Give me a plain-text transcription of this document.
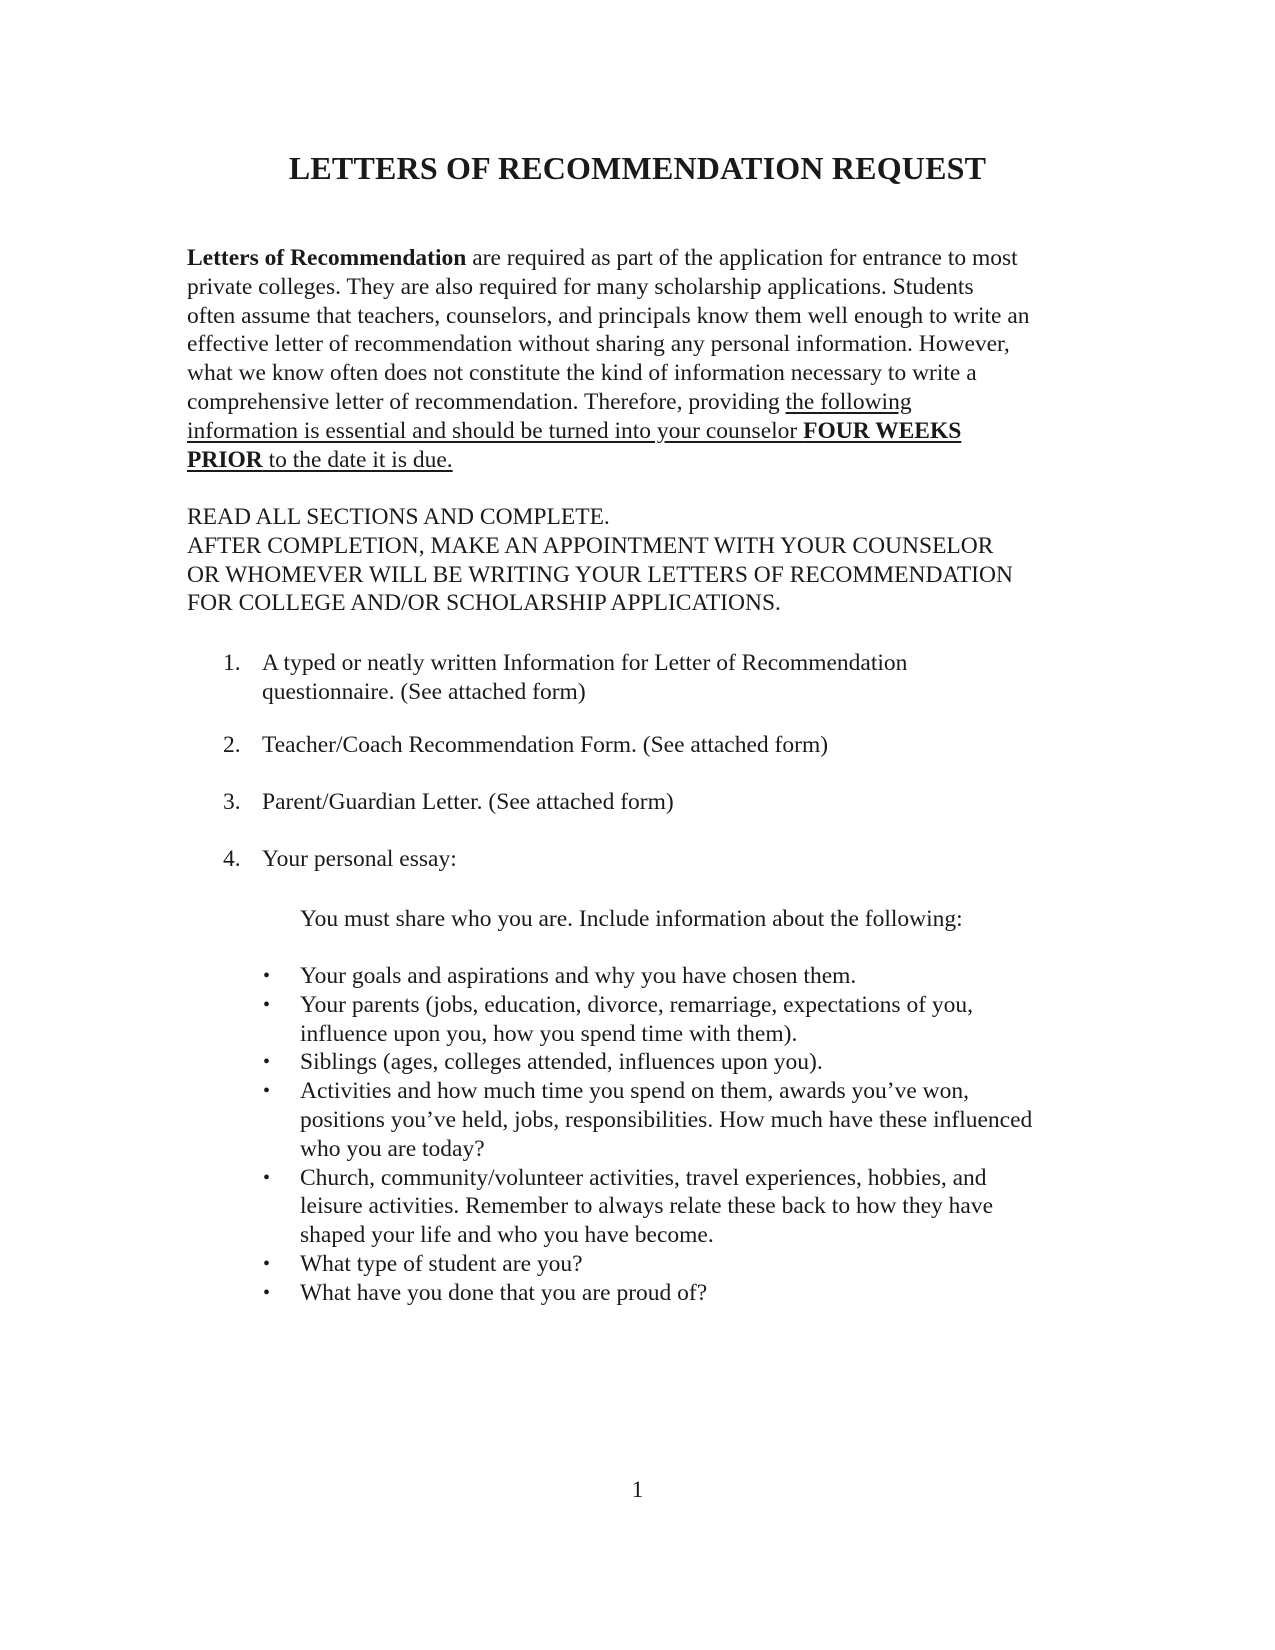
LETTERS OF RECOMMENDATION REQUEST
Letters of Recommendation are required as part of the application for entrance to most
private colleges. They are also required for many scholarship applications. Students
often assume that teachers, counselors, and principals know them well enough to write an
effective letter of recommendation without sharing any personal information. However,
what we know often does not constitute the kind of information necessary to write a
comprehensive letter of recommendation. Therefore, providing the following
information is essential and should be turned into your counselor FOUR WEEKS
PRIOR to the date it is due.
READ ALL SECTIONS AND COMPLETE.
AFTER COMPLETION, MAKE AN APPOINTMENT WITH YOUR COUNSELOR
OR WHOMEVER WILL BE WRITING YOUR LETTERS OF RECOMMENDATION
FOR COLLEGE AND/OR SCHOLARSHIP APPLICATIONS.
1. A typed or neatly written Information for Letter of Recommendation
questionnaire. (See attached form)
2. Teacher/Coach Recommendation Form. (See attached form)
3. Parent/Guardian Letter. (See attached form)
4. Your personal essay:
You must share who you are. Include information about the following:
•	Your goals and aspirations and why you have chosen them.
•	Your parents (jobs, education, divorce, remarriage, expectations of you,
influence upon you, how you spend time with them).
•	Siblings (ages, colleges attended, influences upon you).
•	Activities and how much time you spend on them, awards you’ve won,
positions you’ve held, jobs, responsibilities. How much have these influenced
who you are today?
•	Church, community/volunteer activities, travel experiences, hobbies, and
leisure activities. Remember to always relate these back to how they have
shaped your life and who you have become.
•	What type of student are you?
•	What have you done that you are proud of?
1
